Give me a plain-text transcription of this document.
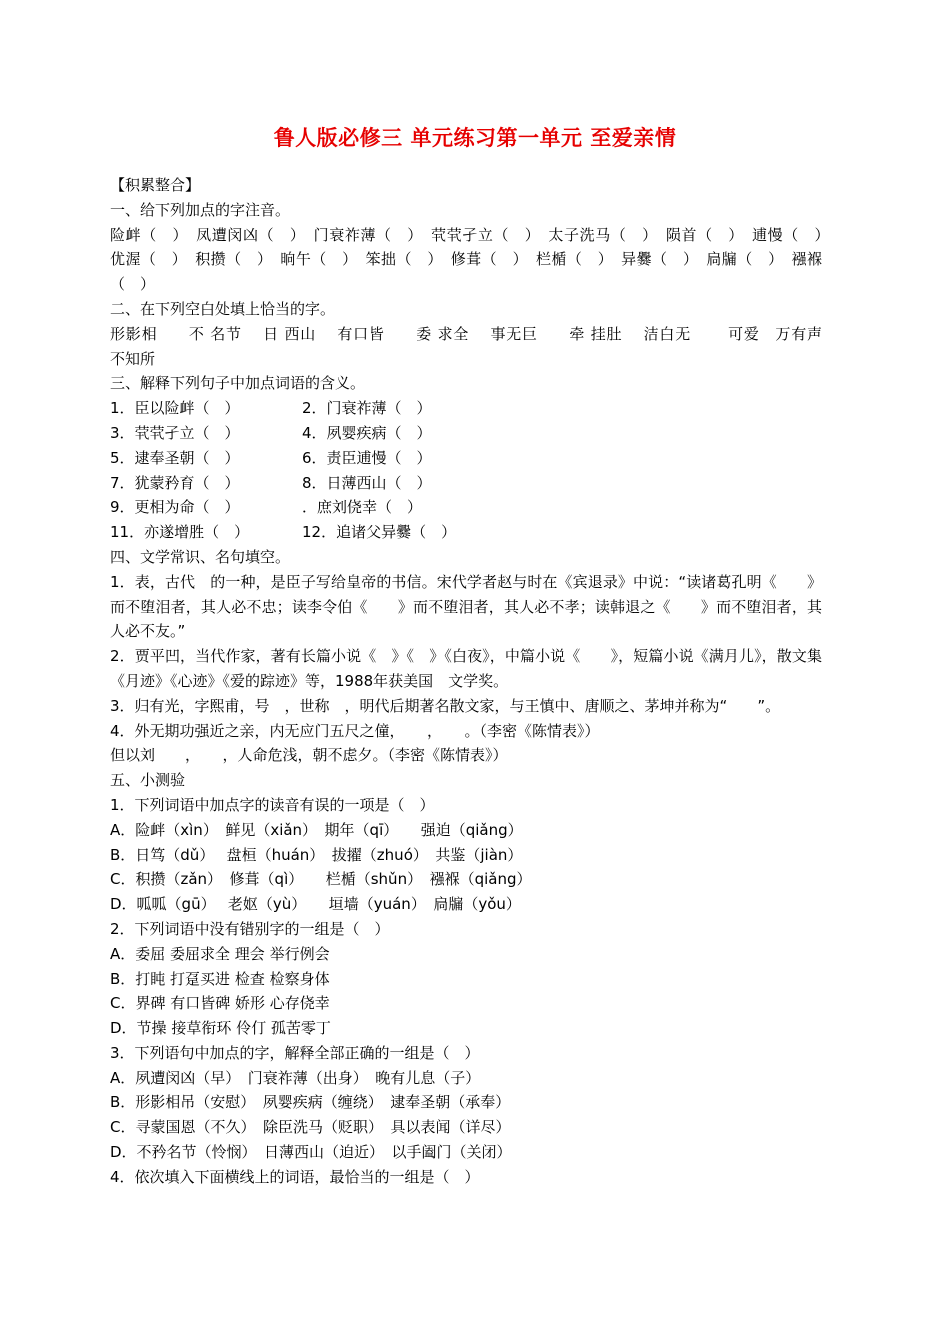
鲁人版必修三 单元练习第一单元 至爱亲情
【积累整合】
一、给下列加点的字注音。
险衅（　）　凤遭闵凶（　）　门衰祚薄（　）　茕茕孑立（　）　太子洗马（　）　陨首（　）　逋慢（　）　优渥（　）　积攒（　）　晌午（　）　笨拙（　）　修葺（　）　栏楯（　）　异爨（　）　扃牖（　）　襁褓（　）
二、在下列空白处填上恰当的字。
形影相　　不 名节　 日 西山　 有口皆　　委 求全　 事无巨　　牵 挂肚　 洁白无　　 可爱　万有声　　不知所
三、解释下列句子中加点词语的含义。
1．臣以险衅（　）	2．门衰祚薄（　）
3．茕茕孑立（　）	4．夙婴疾病（　）
5．逮奉圣朝（　）	6．责臣逋慢（　）
7．犹蒙矜育（　）	8．日薄西山（　）
9．更相为命（　）	．庶刘侥幸（　）
11．亦遂增胜（　）	12．追诸父异爨（　）
四、文学常识、名句填空。
1．表，古代　的一种，是臣子写给皇帝的书信。宋代学者赵与时在《宾退录》中说：“读诸葛孔明《　　》而不堕泪者，其人必不忠；读李令伯《　　》而不堕泪者，其人必不孝；读韩退之《　　》而不堕泪者，其人必不友。”
2．贾平凹，当代作家，著有长篇小说《　》《　》《白夜》，中篇小说《　　》，短篇小说《满月儿》，散文集《月迹》《心迹》《爱的踪迹》等，1988年获美国　文学奖。
3．归有光，字熙甫，号　，世称　，明代后期著名散文家，与王慎中、唐顺之、茅坤并称为“　　”。
4．外无期功强近之亲，内无应门五尺之僮，　　，　　。（李密《陈情表》）
但以刘　　，　　，人命危浅，朝不虑夕。（李密《陈情表》）
五、小测验
1．下列词语中加点字的读音有误的一项是（　）
A．险衅（xìn）　鲜见（xiǎn）　期年（qī）　　强迫（qiǎng）
B．日笃（dǔ）　 盘桓（huán）　拔擢（zhuó）　共鉴（jiàn）
C．积攒（zǎn）　修葺（qì）　　栏楯（shǔn）　襁褓（qiǎng）
D．呱呱（gū）　 老妪（yù）　　垣墙（yuán）　扃牖（yǒu）
2．下列词语中没有错别字的一组是（　）
A．委屈 委屈求全 理会 举行例会
B．打盹 打趸买进 检查 检察身体
C．界碑 有口皆碑 娇形 心存侥幸
D．节操 接草衔环 伶仃 孤苦零丁
3．下列语句中加点的字，解释全部正确的一组是（　）
A．夙遭闵凶（早）　门衰祚薄（出身）　晚有儿息（子）
B．形影相吊（安慰）　夙婴疾病（缠绕）　逮奉圣朝（承奉）
C．寻蒙国恩（不久）　除臣洗马（贬职）　具以表闻（详尽）
D．不矜名节（怜悯）　日薄西山（迫近）　以手阖门（关闭）
4．依次填入下面横线上的词语，最恰当的一组是（　）
